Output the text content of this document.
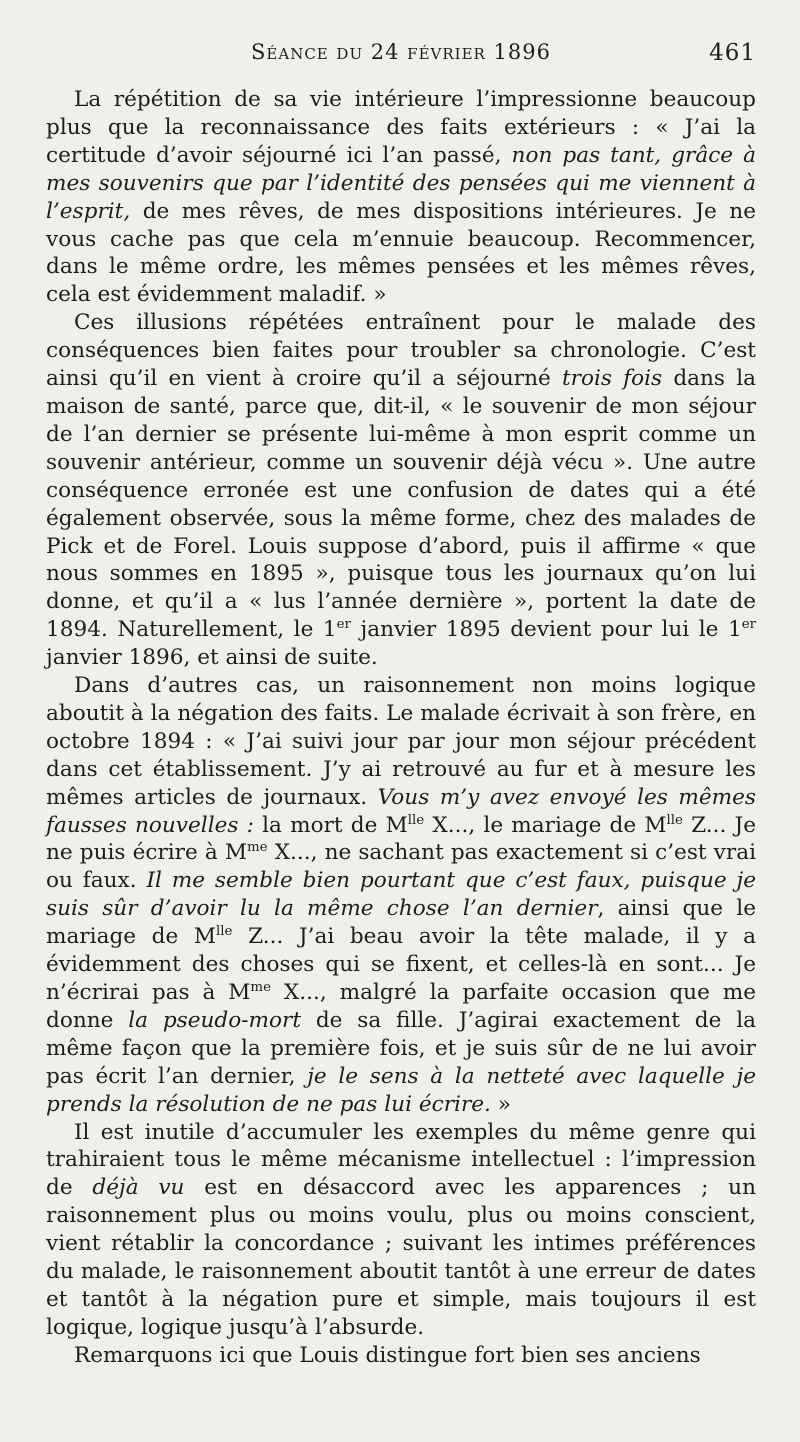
Séance du 24 février 1896	461

La répétition de sa vie intérieure l’impressionne beaucoup plus que la reconnaissance des faits extérieurs : « J’ai la certitude d’avoir séjourné ici l’an passé, non pas tant, grâce à mes souvenirs que par l’identité des pensées qui me viennent à l’esprit, de mes rêves, de mes dispositions intérieures. Je ne vous cache pas que cela m’ennuie beaucoup. Recommencer, dans le même ordre, les mêmes pensées et les mêmes rêves, cela est évidemment maladif. »

Ces illusions répétées entraînent pour le malade des conséquences bien faites pour troubler sa chronologie. C’est ainsi qu’il en vient à croire qu’il a séjourné trois fois dans la maison de santé, parce que, dit-il, « le souvenir de mon séjour de l’an dernier se présente lui-même à mon esprit comme un souvenir antérieur, comme un souvenir déjà vécu ». Une autre conséquence erronée est une confusion de dates qui a été également observée, sous la même forme, chez des malades de Pick et de Forel. Louis suppose d’abord, puis il affirme « que nous sommes en 1895 », puisque tous les journaux qu’on lui donne, et qu’il a « lus l’année dernière », portent la date de 1894. Naturellement, le 1er janvier 1895 devient pour lui le 1er janvier 1896, et ainsi de suite.

Dans d’autres cas, un raisonnement non moins logique aboutit à la négation des faits. Le malade écrivait à son frère, en octobre 1894 : « J’ai suivi jour par jour mon séjour précédent dans cet établissement. J’y ai retrouvé au fur et à mesure les mêmes articles de journaux. Vous m’y avez envoyé les mêmes fausses nouvelles : la mort de $M^{lle}$ X..., le mariage de $M^{lle}$ Z... Je ne puis écrire à $M^{me}$ X..., ne sachant pas exactement si c’est vrai ou faux. Il me semble bien pourtant que c’est faux, puisque je suis sûr d’avoir lu la même chose l’an dernier, ainsi que le mariage de $M^{lle}$ Z... J’ai beau avoir la tête malade, il y a évidemment des choses qui se fixent, et celles-là en sont... Je n’écrirai pas à $M^{me}$ X..., malgré la parfaite occasion que me donne la pseudo-mort de sa fille. J’agirai exactement de la même façon que la première fois, et je suis sûr de ne lui avoir pas écrit l’an dernier, je le sens à la netteté avec laquelle je prends la résolution de ne pas lui écrire. »

Il est inutile d’accumuler les exemples du même genre qui trahiraient tous le même mécanisme intellectuel : l’impression de déjà vu est en désaccord avec les apparences ; un raisonnement plus ou moins voulu, plus ou moins conscient, vient rétablir la concordance ; suivant les intimes préférences du malade, le raisonnement aboutit tantôt à une erreur de dates et tantôt à la négation pure et simple, mais toujours il est logique, logique jusqu’à l’absurde.

Remarquons ici que Louis distingue fort bien ses anciens
